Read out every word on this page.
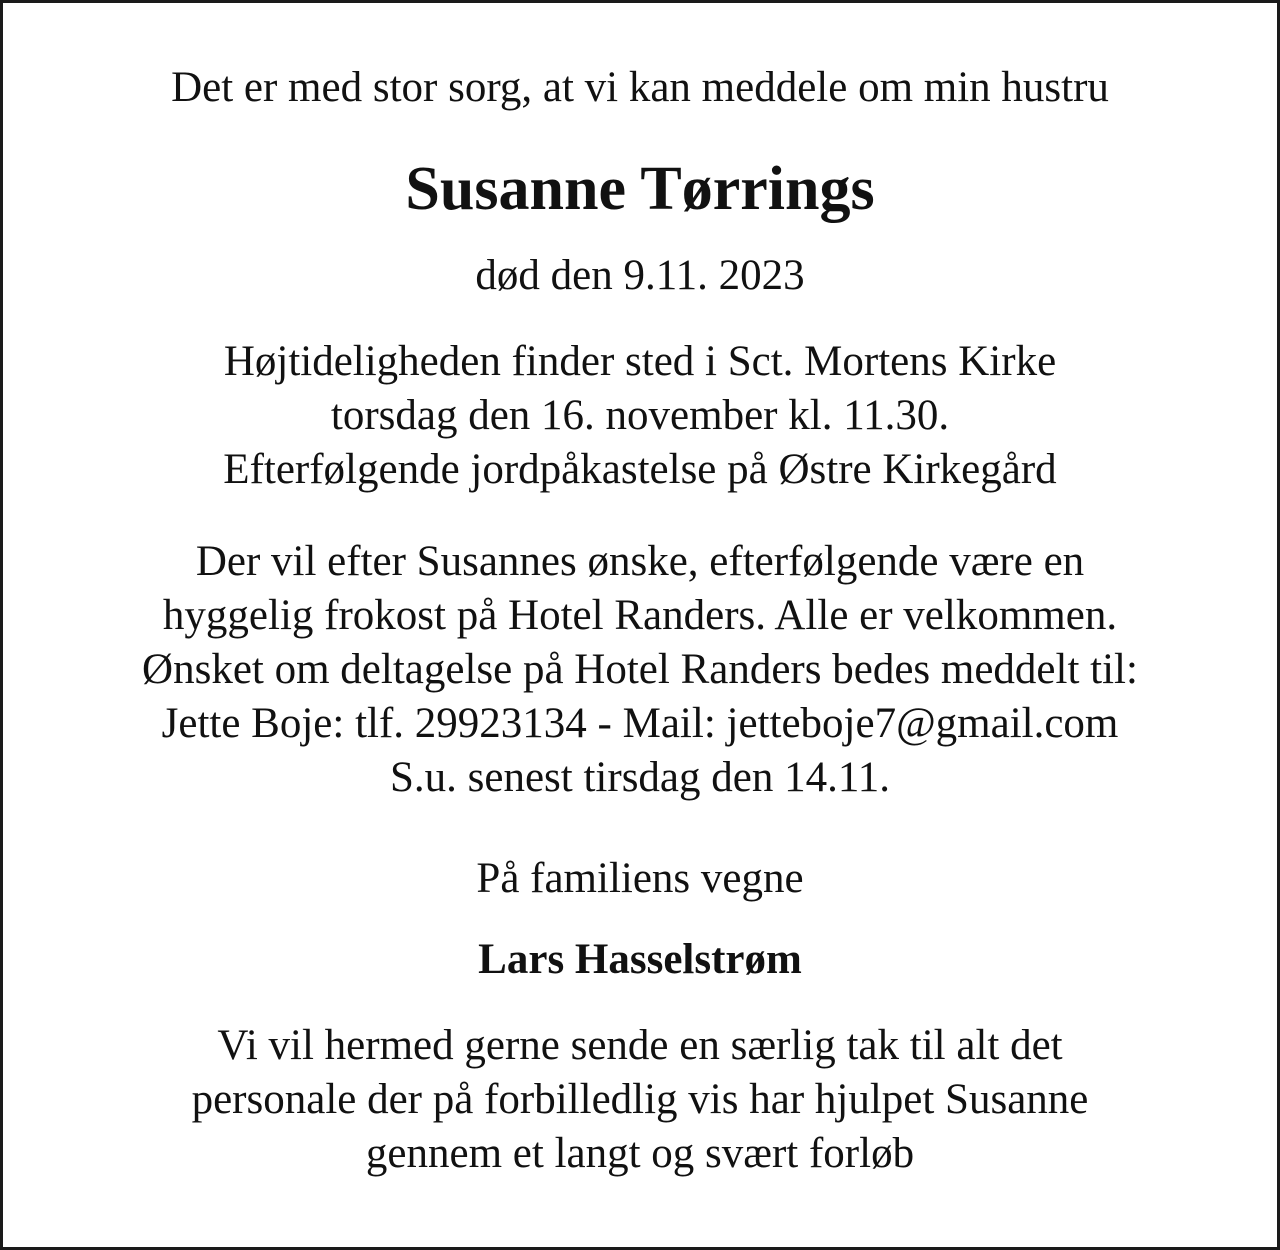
Det er med stor sorg, at vi kan meddele om min hustru
Susanne Tørrings
død den 9.11. 2023
Højtideligheden finder sted i Sct. Mortens Kirke
torsdag den 16. november kl. 11.30.
Efterfølgende jordpåkastelse på Østre Kirkegård
Der vil efter Susannes ønske, efterfølgende være en
hyggelig frokost på Hotel Randers. Alle er velkommen.
Ønsket om deltagelse på Hotel Randers bedes meddelt til:
Jette Boje: tlf. 29923134 - Mail: jetteboje7@gmail.com
S.u. senest tirsdag den 14.11.
På familiens vegne
Lars Hasselstrøm
Vi vil hermed gerne sende en særlig tak til alt det
personale der på forbilledlig vis har hjulpet Susanne
gennem et langt og svært forløb
